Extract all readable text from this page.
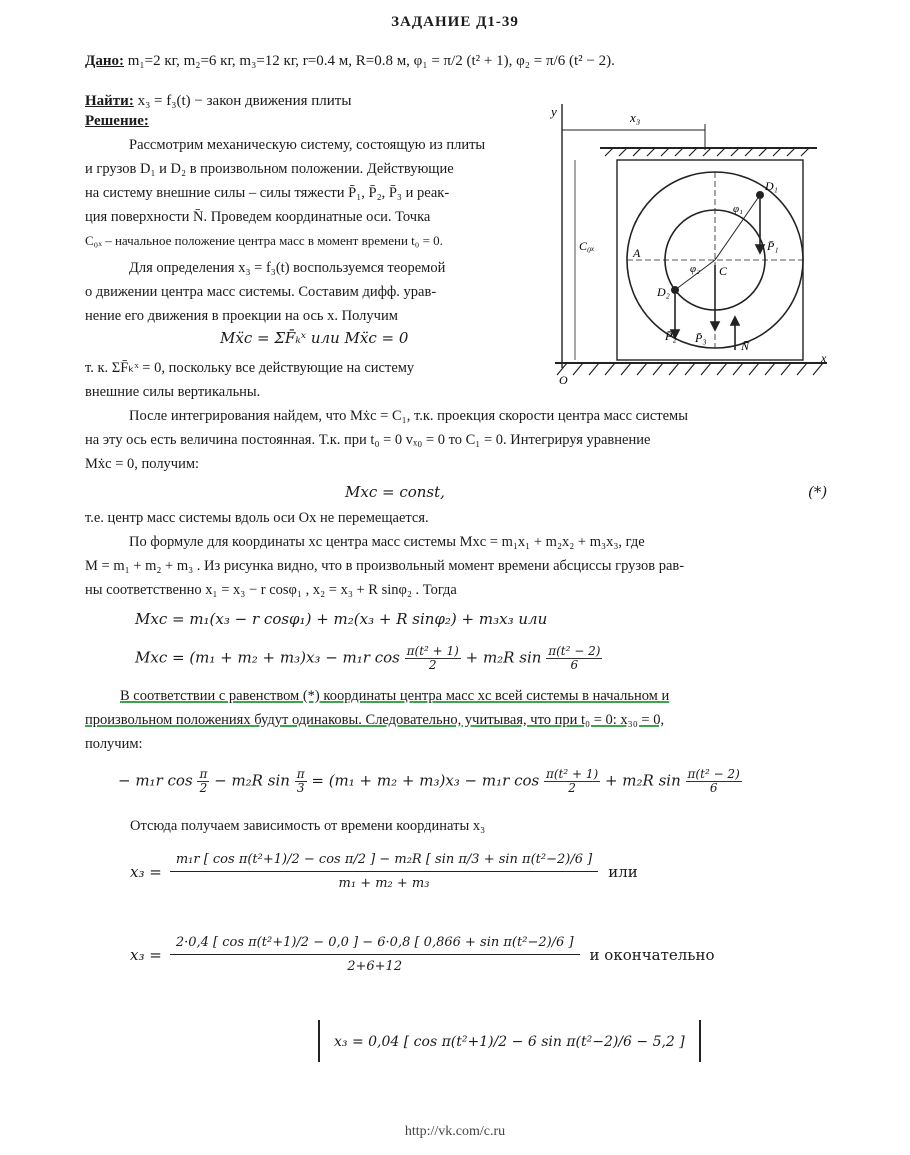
ЗАДАНИЕ Д1-39
Дано: m₁=2 кг, m₂=6 кг, m₃=12 кг, r=0.4 м, R=0.8 м, φ₁ = π/2 (t² + 1), φ₂ = π/6 (t² − 2).
Найти: x₃ = f₃(t) − закон движения плиты
Решение:
Рассмотрим механическую систему, состоящую из плиты
и грузов D₁ и D₂ в произвольном положении. Действующие
на систему внешние силы – силы тяжести P̄₁, P̄₂, P̄₃ и реак-
ция поверхности N̄. Проведем координатные оси. Точка
C₀ₓ – начальное положение центра масс в момент времени t₀ = 0.
Для определения x₃ = f₃(t) воспользуемся теоремой
о движении центра масс системы. Составим дифф. урав-
нение его движения в проекции на ось x. Получим
Mẍc = ΣF̄ₖˣ или Mẍc = 0
т. к. ΣF̄ₖˣ = 0, поскольку все действующие на систему
внешние силы вертикальны.
y	x₃
C₀ₓ	A
C
D₁
D₂
P̄₁
P̄₂ P̄₃
N̄
O
x
φ₁
φ₂
После интегрирования найдем, что Mẋc = C₁, т.к. проекция скорости центра масс системы
на эту ось есть величина постоянная. Т.к. при t₀ = 0 vₓ₀ = 0 то C₁ = 0. Интегрируя уравнение
Mẋc = 0, получим:
Mxc = const,	(*)
т.е. центр масс системы вдоль оси Ox не перемещается.
По формуле для координаты xc центра масс системы Mxc = m₁x₁ + m₂x₂ + m₃x₃, где
M = m₁ + m₂ + m₃ . Из рисунка видно, что в произвольный момент времени абсциссы грузов рав-
ны соответственно x₁ = x₃ − r cosφ₁ , x₂ = x₃ + R sinφ₂ . Тогда
Mxc = m₁(x₃ − r cosφ₁) + m₂(x₃ + R sinφ₂) + m₃x₃ или
Mxc = (m₁ + m₂ + m₃)x₃ − m₁r $\cos \frac{\text{π(t² + 1)}}{2} + m_2R$ $\sin \frac{\text{π(t² − 2)}}{6}$
В соответствии с равенством (*) координаты центра масс xc всей системы в начальном и
произвольном положениях будут одинаковы. Следовательно, учитывая, что при t₀ = 0: x₃₀ = 0,
получим:
− m₁r $\cos \frac{\pi}{2} - m_2R$ $\sin \frac{\pi}{3} = (m_1 + m_2 + m_3)x_3 - m_1r$ $\cos \frac{\text{π(t² + 1)}}{2} + m_2R$ $\sin \frac{\text{π(t² − 2)}}{6}$
Отсюда получаем зависимость от времени координаты x₃
x₃ =
m₁r [ cos π(t²+1)/2 − cos π/2 ] − m₂R [ sin π/3 + sin π(t²−2)/6 ]
m₁ + m₂ + m₃
или
x₃ =
2·0,4 [ cos π(t²+1)/2 − 0,0 ] − 6·0,8 [ 0,866 + sin π(t²−2)/6 ]
2+6+12
и окончательно
x₃ = 0,04 [ cos π(t²+1)/2 − 6 sin π(t²−2)/6 − 5,2 ]
http://vk.com/c.ru
